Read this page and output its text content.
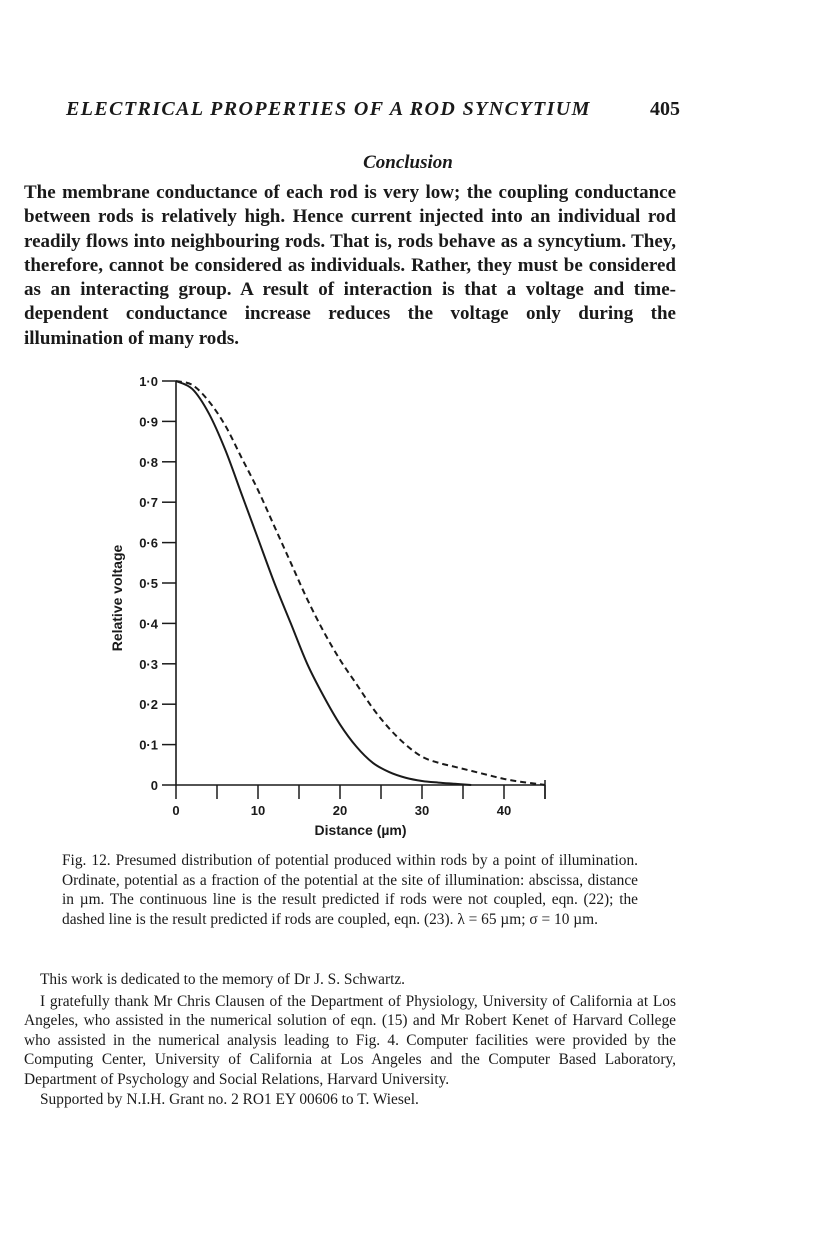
ELECTRICAL PROPERTIES OF A ROD SYNCYTIUM	405
Conclusion

The membrane conductance of each rod is very low; the coupling conductance between rods is relatively high. Hence current injected into an individual rod readily flows into neighbouring rods. That is, rods behave as a syncytium. They, therefore, cannot be considered as individuals. Rather, they must be considered as an interacting group. A result of interaction is that a voltage and time-dependent conductance increase reduces the voltage only during the illumination of many rods.

0
0·1
0·2
0·3
0·4
0·5
0·6
0·7
0·8
0·9
1·0
0	10	20	30	40
Distance (µm)
Relative voltage

Fig. 12. Presumed distribution of potential produced within rods by a point of illumination. Ordinate, potential as a fraction of the potential at the site of illumination: abscissa, distance in µm. The continuous line is the result predicted if rods were not coupled, eqn. (22); the dashed line is the result predicted if rods are coupled, eqn. (23). λ = 65 µm; σ = 10 µm.

This work is dedicated to the memory of Dr J. S. Schwartz.

I gratefully thank Mr Chris Clausen of the Department of Physiology, University of California at Los Angeles, who assisted in the numerical solution of eqn. (15) and Mr Robert Kenet of Harvard College who assisted in the numerical analysis leading to Fig. 4. Computer facilities were provided by the Computing Center, University of California at Los Angeles and the Computer Based Laboratory, Department of Psychology and Social Relations, Harvard University.

Supported by N.I.H. Grant no. 2 RO1 EY 00606 to T. Wiesel.
